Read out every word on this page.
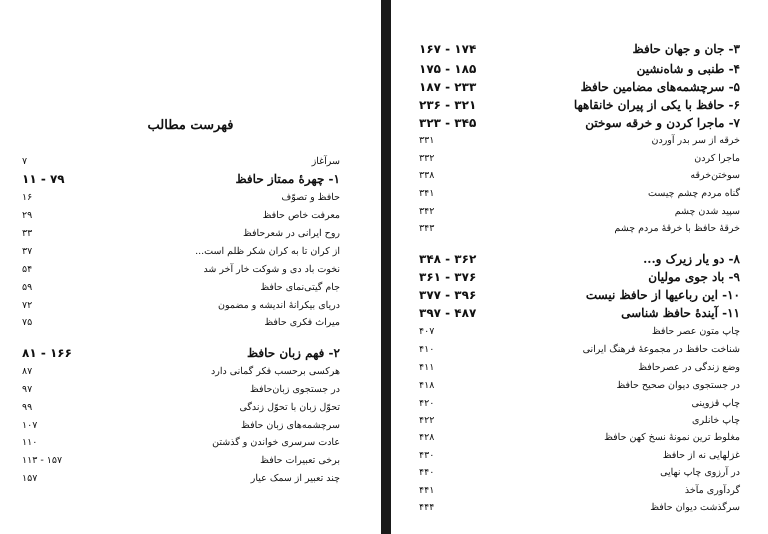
فهرست مطالب
سرآغاز
۷
۱- چهرهٔ ممتاز حافظ
۱۱ - ۷۹
حافظ و تصوّف
۱۶
معرفت خاص حافظ
۲۹
روح ایرانی در شعرحافظ
۳۳
از کران تا به کران شکر ظلم است...
۳۷
نخوت باد دی و شوکت خار آخر شد
۵۴
جام گیتی‌نمای حافظ
۵۹
دریای بیکرانهٔ اندیشه و مضمون
۷۲
میراث فکری حافظ
۷۵
۲- فهم زبان حافظ
۸۱ - ۱۶۶
هرکسی برحسب فکر گمانی دارد
۸۷
در جستجوی زبان‌حافظ
۹۷
تحوّل زبان با تحوّل زندگی
۹۹
سرچشمه‌های زبان حافظ
۱۰۷
عادت سرسری خواندن و گذشتن
۱۱۰
برخی تعبیرات حافظ
۱۱۳ - ۱۵۷
چند تعبیر از سمک عیار
۱۵۷
۳- جان و جهان حافظ
۱۶۷ - ۱۷۴
۴- طنبی و شاه‌نشین
۱۷۵ - ۱۸۵
۵- سرچشمه‌های مضامین حافظ
۱۸۷ - ۲۳۳
۶- حافظ با یکی از پیران خانقاهها
۲۳۶ - ۳۲۱
۷- ماجرا کردن و خرقه سوختن
۳۲۳ - ۳۴۵
خرقه از سر بدر آوردن
۳۳۱
ماجرا کردن
۳۳۲
سوختن‌خرقه
۳۳۸
گناه مردم چشم چیست
۳۴۱
سپید شدن چشم
۳۴۲
خرقهٔ حافظ با خرقهٔ مردم چشم
۳۴۳
۸- دو یار زیرک و...
۳۴۸ - ۳۶۲
۹- باد جوی مولیان
۳۶۱ - ۳۷۶
۱۰- این رباعیها از حافظ نیست
۳۷۷ - ۳۹۶
۱۱- آیندهٔ حافظ شناسی
۳۹۷ - ۴۸۷
چاپ متون عصر حافظ
۴۰۷
شناخت حافظ در مجموعهٔ فرهنگ ایرانی
۴۱۰
وضع زندگی در عصرحافظ
۴۱۱
در جستجوی دیوان صحیح حافظ
۴۱۸
چاپ قزوینی
۴۲۰
چاپ خانلری
۴۲۲
مغلوط ترین نمونهٔ نسخ کهن حافظ
۴۲۸
غزلهایی نه از حافظ
۴۳۰
در آرزوی چاپ نهایی
۴۴۰
گردآوری مآخذ
۴۴۱
سرگذشت دیوان حافظ
۴۴۴
